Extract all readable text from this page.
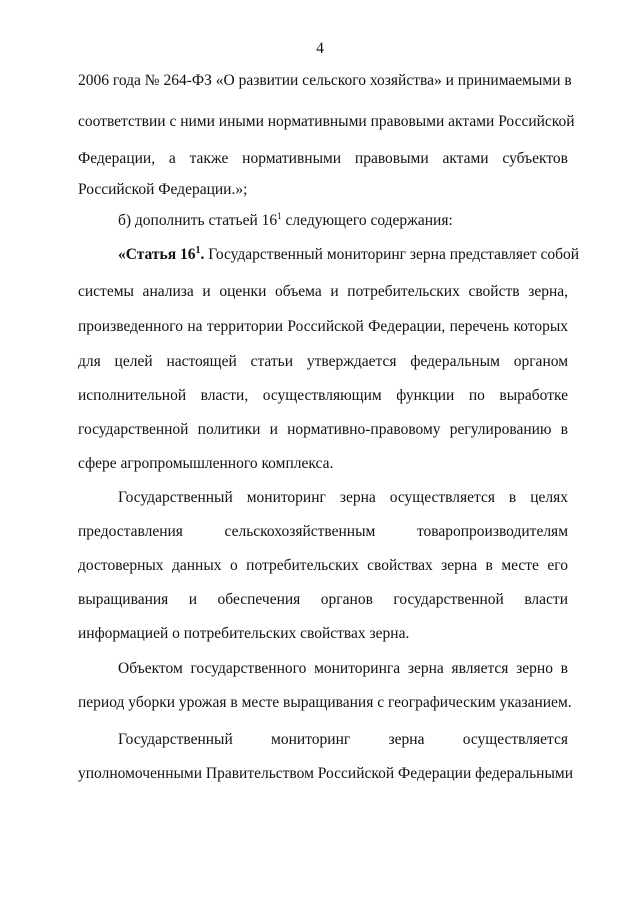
4
2006 года № 264-ФЗ «О развитии сельского хозяйства» и принимаемыми в
соответствии с ними иными нормативными правовыми актами Российской
Федерации, а также нормативными правовыми актами субъектов
Российской Федерации.»;
б) дополнить статьей $16^1$ следующего содержания:
«Статья $16^1$. Государственный мониторинг зерна представляет собой
системы анализа и оценки объема и потребительских свойств зерна,
произведенного на территории Российской Федерации, перечень которых
для целей настоящей статьи утверждается федеральным органом
исполнительной власти, осуществляющим функции по выработке
государственной политики и нормативно-правовому регулированию в
сфере агропромышленного комплекса.
Государственный мониторинг зерна осуществляется в целях
предоставления сельскохозяйственным товаропроизводителям
достоверных данных о потребительских свойствах зерна в месте его
выращивания и обеспечения органов государственной власти
информацией о потребительских свойствах зерна.
Объектом государственного мониторинга зерна является зерно в
период уборки урожая в месте выращивания с географическим указанием.
Государственный мониторинг зерна осуществляется
уполномоченными Правительством Российской Федерации федеральными
